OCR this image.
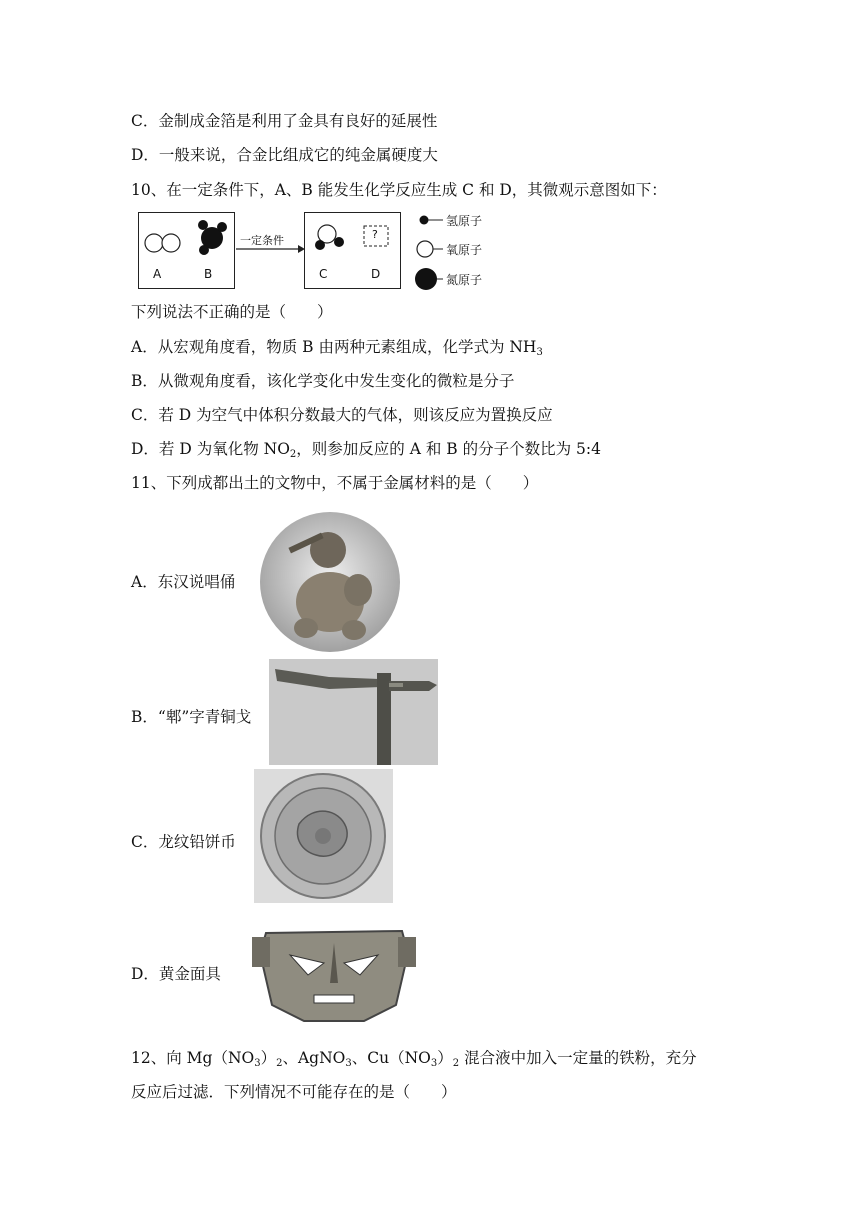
C．金制成金箔是利用了金具有良好的延展性
D．一般来说，合金比组成它的纯金属硬度大
10、在一定条件下，A、B 能发生化学反应生成 C 和 D，其微观示意图如下：
A	B	C	D
一定条件	?
氢原子
氧原子
氮原子
下列说法不正确的是（　　）
A．从宏观角度看，物质 B 由两种元素组成，化学式为 $NH_3$
B．从微观角度看，该化学变化中发生变化的微粒是分子
C．若 D 为空气中体积分数最大的气体，则该反应为置换反应
D．若 D 为氧化物 $NO_2$，则参加反应的 A 和 B 的分子个数比为 5:4
11、下列成都出土的文物中，不属于金属材料的是（　　）
A．东汉说唱俑
B．“郫”字青铜戈
C．龙纹铅饼币
D．黄金面具
12、向 $Mg(NO_3)_2$、AgNO$_3$、$Cu(NO_3)_2$ 混合液中加入一定量的铁粉，充分
反应后过滤．下列情况不可能存在的是（　　）
